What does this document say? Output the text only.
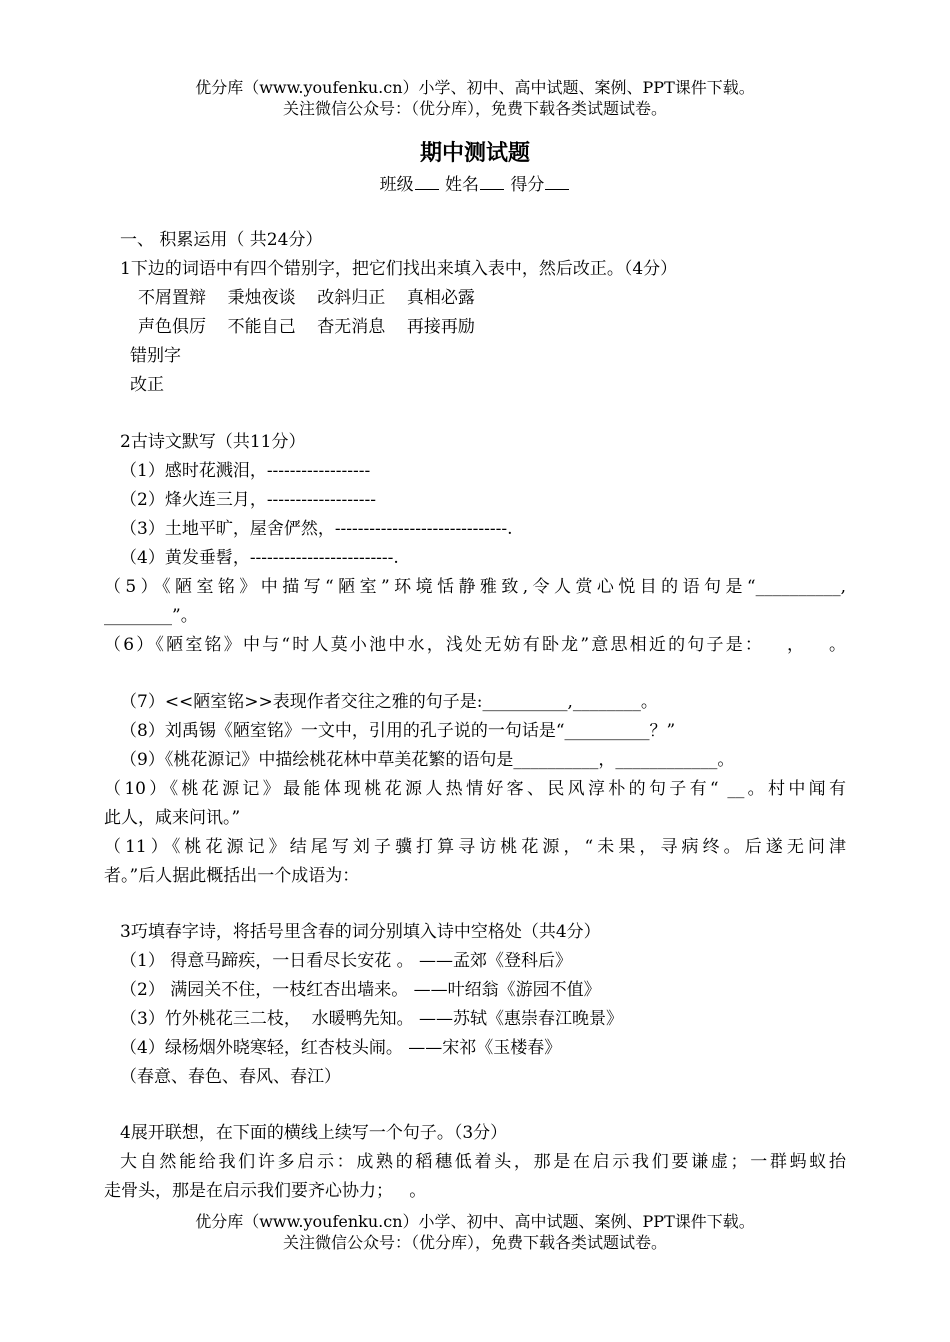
优分库（www.youfenku.cn）小学、初中、高中试题、案例、PPT课件下载。
关注微信公众号：（优分库），免费下载各类试题试卷。
期中测试题
班级 姓名 得分
一、 积累运用（ 共24分）
1下边的词语中有四个错别字，把它们找出来填入表中，然后改正。（4分）
不屑置辩    秉烛夜谈    改斜归正    真相必露
声色俱厉    不能自己    杳无消息    再接再励
错别字
改正
2古诗文默写（共11分）
（1）感时花溅泪，------------------
（2）烽火连三月，-------------------
（3）土地平旷，屋舍俨然，------------------------------.
（4）黄发垂髫，-------------------------.
（5）《陋室铭》中描写“陋室”环境恬静雅致,令人赏心悦目的语句是“__________,
________”。
（6）《陋室铭》中与“时人莫小池中水，浅处无妨有卧龙”意思相近的句子是：   ，   。
（7）<<陋室铭>>表现作者交往之雅的句子是:__________,________。
（8）刘禹锡《陋室铭》一文中，引用的孔子说的一句话是“__________？”
（9）《桃花源记》中描绘桃花林中草美花繁的语句是__________，____________。
（10）《桃花源记》最能体现桃花源人热情好客、民风淳朴的句子有“ __。村中闻有
此人，咸来问讯。”
（11）《桃花源记》结尾写刘子骥打算寻访桃花源，“未果，寻病终。后遂无问津
者。”后人据此概括出一个成语为：
3巧填春字诗，将括号里含春的词分别填入诗中空格处（共4分）
（1） 得意马蹄疾，一日看尽长安花 。 ——孟郊《登科后》
（2） 满园关不住，一枝红杏出墙来。 ——叶绍翁《游园不值》
（3）竹外桃花三二枝，  水暖鸭先知。 ——苏轼《惠崇春江晚景》
（4）绿杨烟外晓寒轻，红杏枝头闹。 ——宋祁《玉楼春》
（春意、春色、春风、春江）
4展开联想，在下面的横线上续写一个句子。（3分）
大自然能给我们许多启示：成熟的稻穗低着头，那是在启示我们要谦虚；一群蚂蚁抬
走骨头，那是在启示我们要齐心协力；   。
优分库（www.youfenku.cn）小学、初中、高中试题、案例、PPT课件下载。
关注微信公众号：（优分库），免费下载各类试题试卷。
